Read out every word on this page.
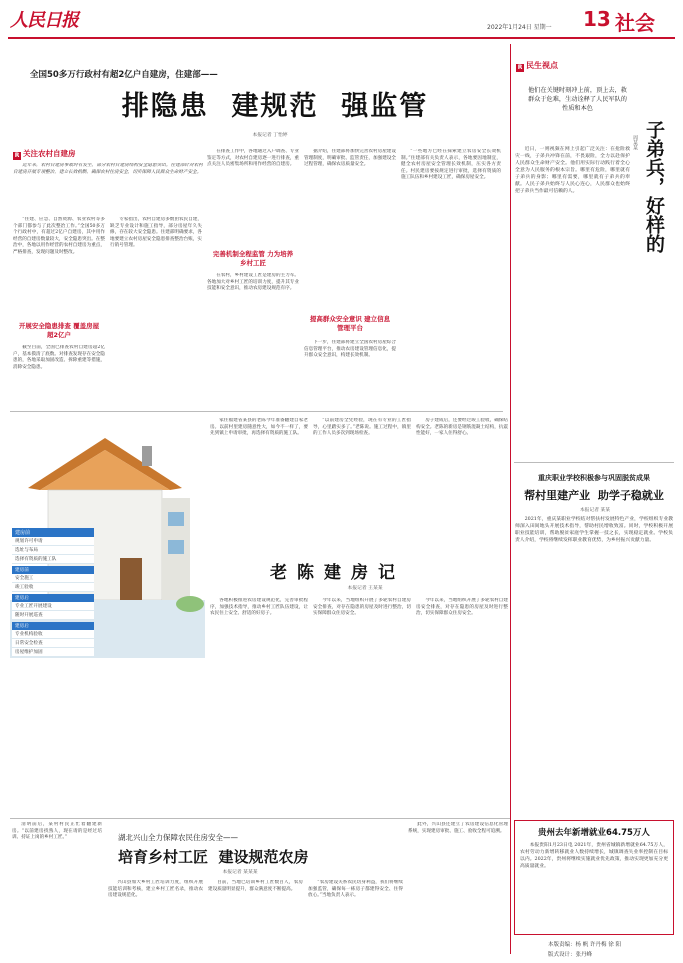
人民日报	2022年1月24日 星期一 13 社会
全国50多万行政村有超2亿户自建房，住建部——
排隐患  建规范  强监管
本报记者 丁怡婷
R 关注农村自建房

近年来，农村自建房事故时有发生，部分农村自建房结构安全隐患突出。住建部针对农村自建房开展专项整治，建立长效机制，确保农村住房安全，切实保障人民群众生命财产安全。

“住建、应急、自然资源、农业农村等多个部门都参与了此次整治工作。”全国50多万个行政村中，有超过2亿户自建房，其中用作经营的自建房数量较大，安全隐患突出。在整治中，各地以用作经营的农村自建房为重点，严格排查，发现问题及时整改。

开展安全隐患排查 覆盖房屋超2亿户

截至目前，全国已排查农村自建房超2亿户，基本摸清了底数。对排查发现存在安全隐患的，各地采取加固改造、拆除重建等措施，消除安全隐患。

专家指出，农村自建房多数由农民自建，缺乏专业设计和施工指导，部分房屋年久失修，存在较大安全隐患。住建部明确要求，各地要建立农村房屋安全隐患排查整治台账，实行销号管理。

在排查工作中，各地通过入户调查、专业鉴定等方式，对农村自建房逐一进行排查，重点关注人员密集场所和用作经营的自建房。

完善机制全程监管 力为培养乡村工匠

在农村，乡村建设工匠是建房的主力军。各地加大对乡村工匠的培训力度，提升其专业技能和安全意识，推动农房建设规范有序。

据介绍，住建部将加快完善农村房屋建设管理制度，明确审批、监管责任，加强建设全过程管理，确保农房质量安全。

提高群众安全意识 建立信息管理平台

下一步，住建部将建立全国农村房屋综合信息管理平台，推动农房建设管理信息化，提升群众安全意识，构建长效机制。

“一些地方已经在探索建立农房安全长效机制。”住建部有关负责人表示，各地要因地制宜，健全农村房屋安全管理长效机制，压实各方责任。村民建房要按规定进行审批，选择有资质的施工队伍和乡村建设工匠，确保房屋安全。

建房前
规划许可申请
选址与布局
选择有资质的施工队
建房前
安全施工
竣工验收
建房后
专业工匠开展建设
随时开展巡查
建房后
专业机构验收
日常安全检查
房屋维护加固
老陈建房记
本报记者 王某某

家住福建省某县的老陈今年准备翻建自家老房。以前村里建房随意性大，如今不一样了，要先到镇上申请审批，再选择有资质的施工队。

“以前建房全凭经验，现在有专业的工匠指导，心里踏实多了。”老陈说。施工过程中，镇里的工作人员多次到现场检查。

房子建成后，还要经过竣工验收，确保结构安全。老陈的新房是钢筋混凝土结构，抗震性能好，一家人住得舒心。

各地积极推进农房建设规范化，完善审批程序，加强技术指导，推动乡村工匠队伍建设，让农民住上安全、舒适的好房子。

今年以来，当地组织开展了多轮农村自建房安全排查，对存在隐患的房屋及时进行整治，切实保障群众住房安全。

今年以来，当地组织开展了多轮农村自建房安全排查，对存在隐患的房屋及时进行整治，切实保障群众住房安全。

清明前后，某村村民正忙着翻建新房。“以前建房找熟人，现在请的是经过培训、持证上岗的乡村工匠。”	湖北兴山全力保障农民住房安全——
培育乡村工匠  建设规范农房
本报记者 某某某

兴山县加大乡村工匠培训力度，组织开展技能培训和考核，建立乡村工匠名录，推动农房建设规范化。

目前，当地已培训乡村工匠数百人，农房建设质量明显提升，群众满意度不断提高。

“农房建设关系农民切身利益，我们将继续加强监管，确保每一栋房子都建得安全、住得放心。”当地负责人表示。

此外，兴山县还建立了农房建设信息化管理系统，实现建房审批、施工、验收全程可追溯。

R 民生视点
他们在关键时刻冲上前，顶上去，救群众于危难，生动诠释了人民军队的性质和本色
子弟兵，好样的
周某某

近日，一则视频在网上引起广泛关注：在抢险救灾一线，子弟兵冲锋在前，不畏艰险，全力以赴保护人民群众生命财产安全。他们用实际行动践行着全心全意为人民服务的根本宗旨。哪里有危险，哪里就有子弟兵的身影；哪里有需要，哪里就有子弟兵的奉献。人民子弟兵始终与人民心连心，人民群众也始终把子弟兵当作最可信赖的人。

重庆职业学校积极参与巩固脱贫成果
帮村里建产业  助学子稳就业
本报记者 某某

2021年，重庆某职业学校结对帮扶村发展特色产业，学校组织专业教师深入田间地头开展技术指导，帮助村民增收致富。同时，学校积极开展职业技能培训，帮助脱贫家庭学生掌握一技之长，实现稳定就业。学校负责人介绍，学校将继续发挥职业教育优势，为乡村振兴贡献力量。

贵州去年新增就业64.75万人

本报贵阳1月23日电 2021年，贵州省城镇新增就业64.75万人，农村劳动力新增转移就业人数持续增长，城镇调查失业率控制在目标以内。2022年，贵州将继续实施就业优先政策，推动实现更加充分更高质量就业。

本版责编：杨 帆 许丹梅 徐 阳
版式设计：张丹峰
